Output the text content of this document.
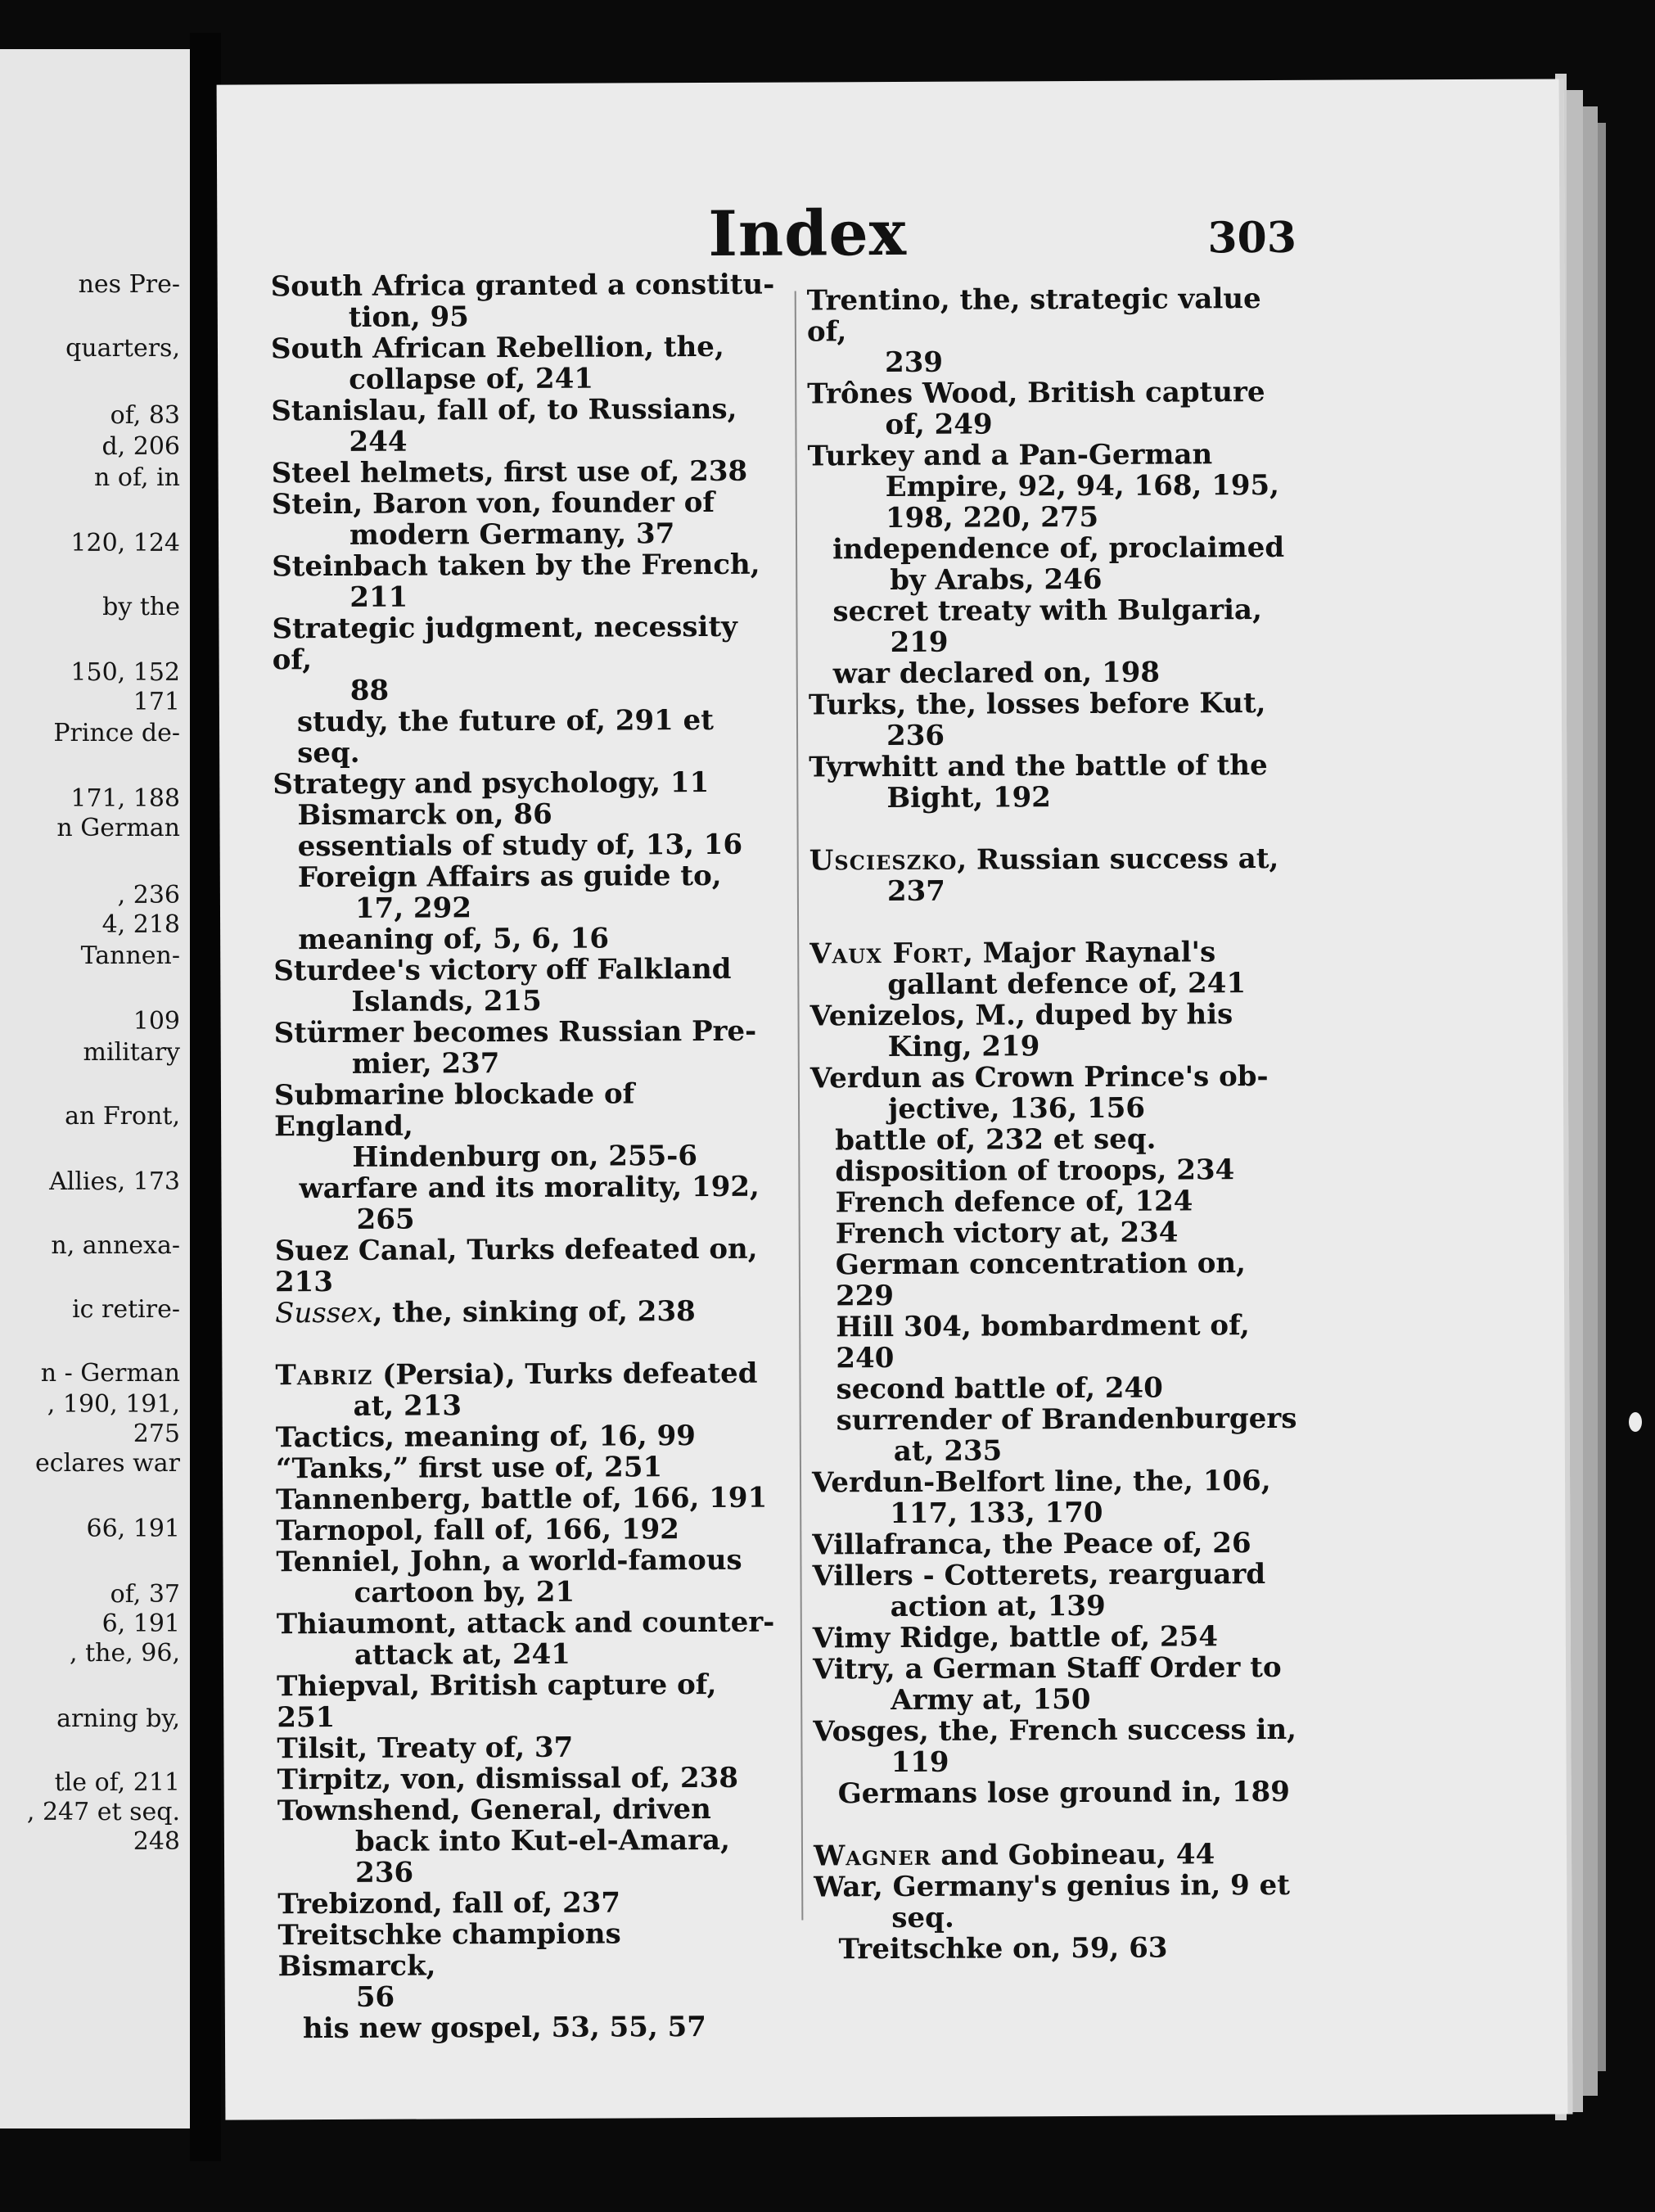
nes Pre-
quarters,
of, 83
d, 206
n of, in
120, 124
by the
150, 152
171
Prince de-
171, 188
n German
, 236
4, 218
Tannen-
109
military
an Front,
Allies, 173
n, annexa-
ic retire-
n - German
, 190, 191,
275
eclares war
66, 191
of, 37
6, 191
, the, 96,
arning by,
tle of, 211
, 247 et seq.
248
Index	303
South Africa granted a constitu-
tion, 95
South African Rebellion, the,
collapse of, 241
Stanislau, fall of, to Russians,
244
Steel helmets, first use of, 238
Stein, Baron von, founder of
modern Germany, 37
Steinbach taken by the French,
211
Strategic judgment, necessity of,
88
study, the future of, 291 et seq.
Strategy and psychology, 11
Bismarck on, 86
essentials of study of, 13, 16
Foreign Affairs as guide to,
17, 292
meaning of, 5, 6, 16
Sturdee's victory off Falkland
Islands, 215
Stürmer becomes Russian Pre-
mier, 237
Submarine blockade of England,
Hindenburg on, 255-6
warfare and its morality, 192,
265
Suez Canal, Turks defeated on, 213
Sussex, the, sinking of, 238
Tabriz (Persia), Turks defeated
at, 213
Tactics, meaning of, 16, 99
“Tanks,” first use of, 251
Tannenberg, battle of, 166, 191
Tarnopol, fall of, 166, 192
Tenniel, John, a world-famous
cartoon by, 21
Thiaumont, attack and counter-
attack at, 241
Thiepval, British capture of, 251
Tilsit, Treaty of, 37
Tirpitz, von, dismissal of, 238
Townshend, General, driven
back into Kut-el-Amara,
236
Trebizond, fall of, 237
Treitschke champions Bismarck,
56
his new gospel, 53, 55, 57
Trentino, the, strategic value of,
239
Trônes Wood, British capture
of, 249
Turkey and a Pan-German
Empire, 92, 94, 168, 195,
198, 220, 275
independence of, proclaimed
by Arabs, 246
secret treaty with Bulgaria,
219
war declared on, 198
Turks, the, losses before Kut,
236
Tyrwhitt and the battle of the
Bight, 192
Uscieszko, Russian success at,
237
Vaux Fort, Major Raynal's
gallant defence of, 241
Venizelos, M., duped by his
King, 219
Verdun as Crown Prince's ob-
jective, 136, 156
battle of, 232 et seq.
disposition of troops, 234
French defence of, 124
French victory at, 234
German concentration on, 229
Hill 304, bombardment of, 240
second battle of, 240
surrender of Brandenburgers
at, 235
Verdun-Belfort line, the, 106,
117, 133, 170
Villafranca, the Peace of, 26
Villers - Cotterets, rearguard
action at, 139
Vimy Ridge, battle of, 254
Vitry, a German Staff Order to
Army at, 150
Vosges, the, French success in,
119
Germans lose ground in, 189
Wagner and Gobineau, 44
War, Germany's genius in, 9 et
seq.
Treitschke on, 59, 63
